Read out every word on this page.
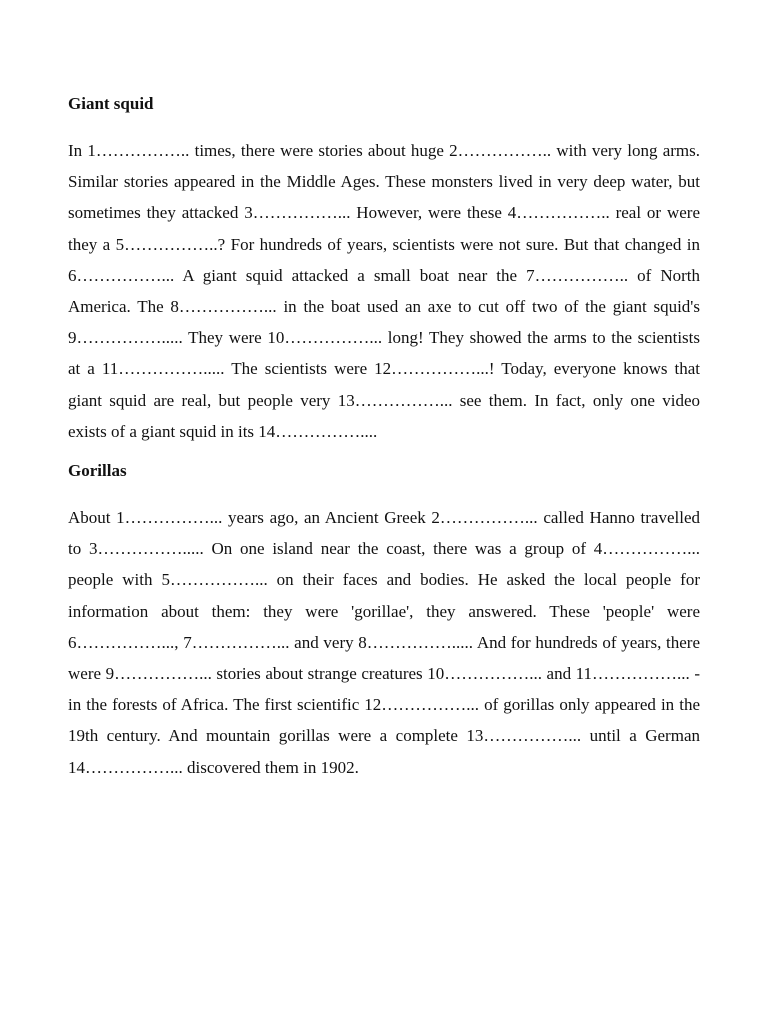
Giant squid

In 1…………….. times, there were stories about huge 2…………….. with very long arms. Similar stories appeared in the Middle Ages. These monsters lived in very deep water, but sometimes they attacked 3……………... However, were these 4…………….. real or were they a 5……………..? For hundreds of years, scientists were not sure. But that changed in 6……………... A giant squid attacked a small boat near the 7…………….. of North America. The 8……………... in the boat used an axe to cut off two of the giant squid's 9……………..... They were 10……………... long! They showed the arms to the scientists at a 11……………..... The scientists were 12……………...! Today, everyone knows that giant squid are real, but people very 13……………... see them. In fact, only one video exists of a giant squid in its 14……………....

Gorillas

About 1……………... years ago, an Ancient Greek 2……………... called Hanno travelled to 3……………..... On one island near the coast, there was a group of 4……………... people with 5……………... on their faces and bodies. He asked the local people for information about them: they were 'gorillae', they answered. These 'people' were 6……………..., 7……………... and very 8……………..... And for hundreds of years, there were 9……………... stories about strange creatures 10……………... and 11……………... - in the forests of Africa. The first scientific 12……………... of gorillas only appeared in the 19th century. And mountain gorillas were a complete 13……………... until a German 14……………... discovered them in 1902.
